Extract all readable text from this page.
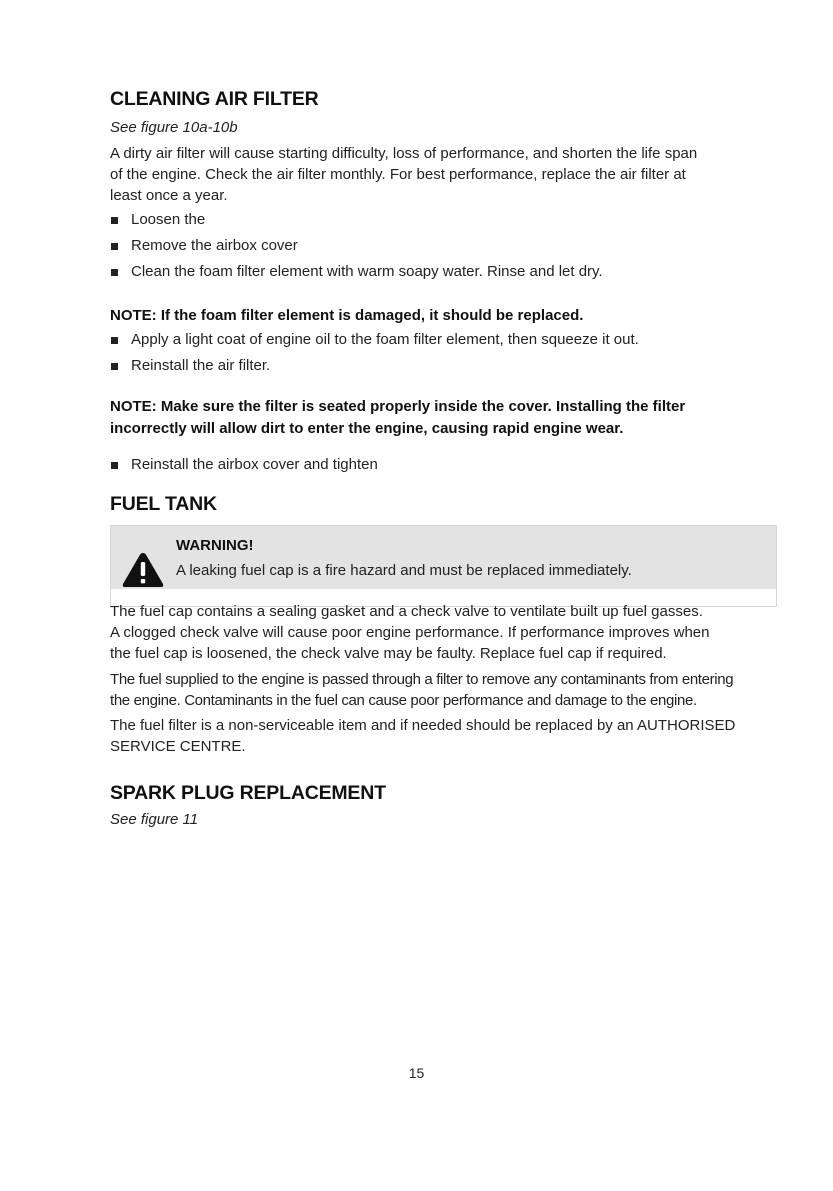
CLEANING AIR FILTER

See figure 10a-10b

A dirty air filter will cause starting difficulty, loss of performance, and shorten the life span
of the engine. Check the air filter monthly. For best performance, replace the air filter at
least once a year.

Loosen the
Remove the airbox cover
Clean the foam filter element with warm soapy water. Rinse and let dry.

NOTE: If the foam filter element is damaged, it should be replaced.

Apply a light coat of engine oil to the foam filter element, then squeeze it out.
Reinstall the air filter.

NOTE: Make sure the filter is seated properly inside the cover. Installing the filter
incorrectly will allow dirt to enter the engine, causing rapid engine wear.

Reinstall the airbox cover and tighten
FUEL TANK
WARNING!
A leaking fuel cap is a fire hazard and must be replaced immediately.

The fuel cap contains a sealing gasket and a check valve to ventilate built up fuel gasses.
A clogged check valve will cause poor engine performance. If performance improves when
the fuel cap is loosened, the check valve may be faulty. Replace fuel cap if required.

The fuel supplied to the engine is passed through a filter to remove any contaminants from entering
the engine. Contaminants in the fuel can cause poor performance and damage to the engine.

The fuel filter is a non-serviceable item and if needed should be replaced by an AUTHORISED
SERVICE CENTRE.

SPARK PLUG REPLACEMENT

See figure 11

15
